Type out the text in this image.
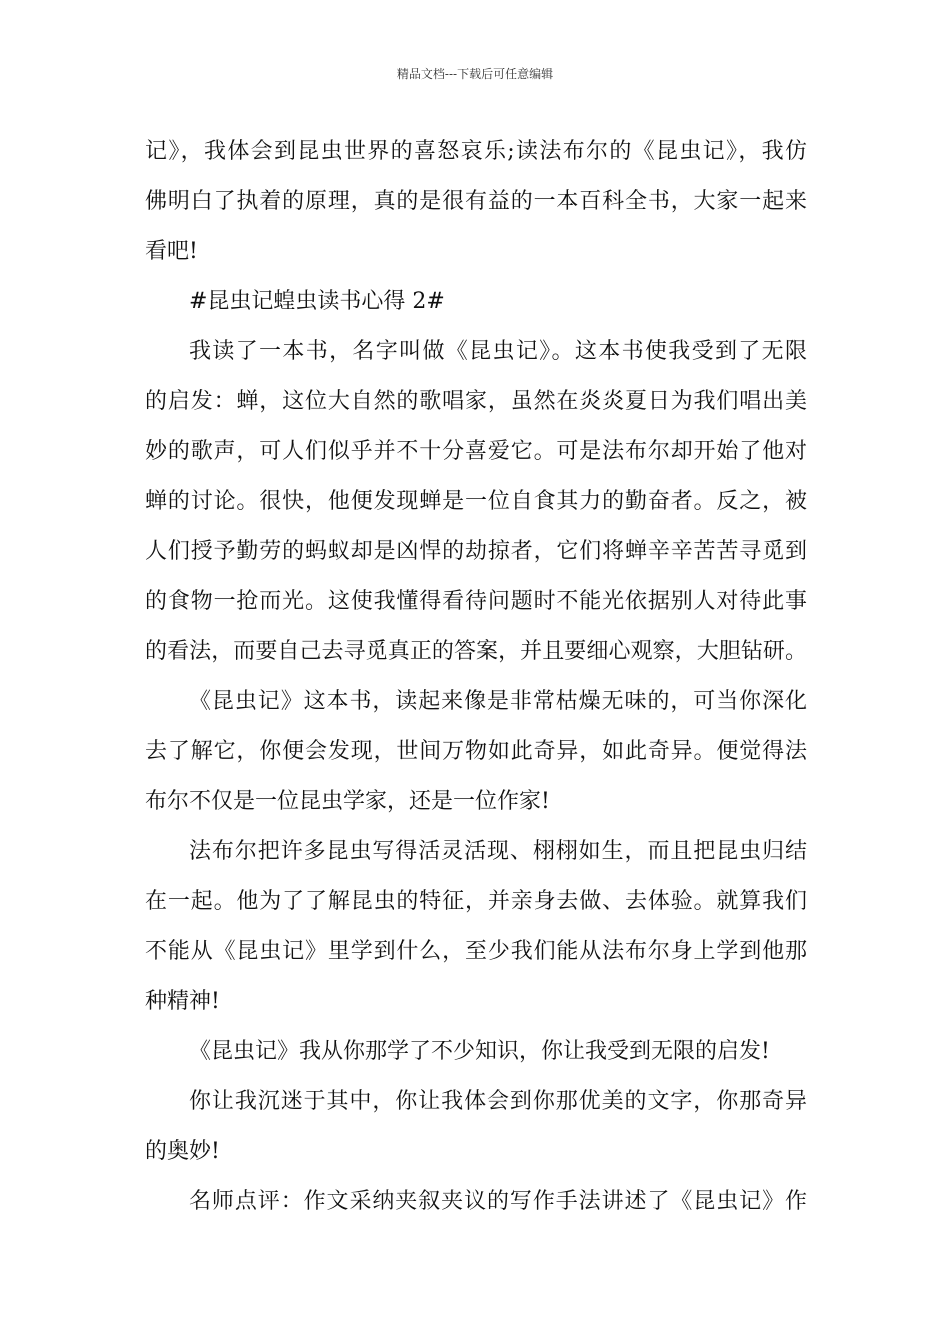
精品文档---下载后可任意编辑
记》，我体会到昆虫世界的喜怒哀乐;读法布尔的《昆虫记》，我仿
佛明白了执着的原理，真的是很有益的一本百科全书，大家一起来
看吧!
#昆虫记蝗虫读书心得 2#
我读了一本书，名字叫做《昆虫记》。这本书使我受到了无限
的启发：蝉，这位大自然的歌唱家，虽然在炎炎夏日为我们唱出美
妙的歌声，可人们似乎并不十分喜爱它。可是法布尔却开始了他对
蝉的讨论。很快，他便发现蝉是一位自食其力的勤奋者。反之，被
人们授予勤劳的蚂蚁却是凶悍的劫掠者，它们将蝉辛辛苦苦寻觅到
的食物一抢而光。这使我懂得看待问题时不能光依据别人对待此事
的看法，而要自己去寻觅真正的答案，并且要细心观察，大胆钻研。
《昆虫记》这本书，读起来像是非常枯燥无味的，可当你深化
去了解它，你便会发现，世间万物如此奇异，如此奇异。便觉得法
布尔不仅是一位昆虫学家，还是一位作家!
法布尔把许多昆虫写得活灵活现、栩栩如生，而且把昆虫归结
在一起。他为了了解昆虫的特征，并亲身去做、去体验。就算我们
不能从《昆虫记》里学到什么，至少我们能从法布尔身上学到他那
种精神!
《昆虫记》我从你那学了不少知识，你让我受到无限的启发!
你让我沉迷于其中，你让我体会到你那优美的文字，你那奇异
的奥妙!
名师点评：作文采纳夹叙夹议的写作手法讲述了《昆虫记》作
